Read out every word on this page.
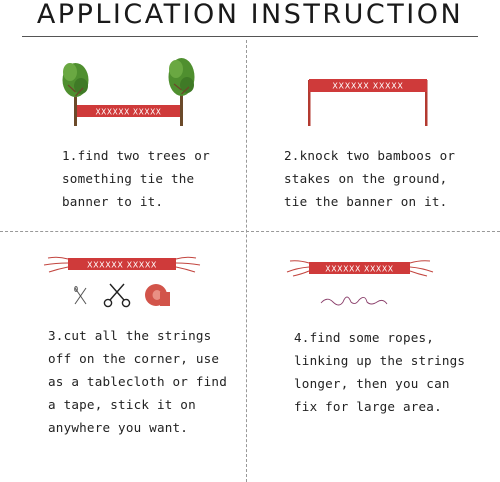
APPLICATION INSTRUCTION
XXXXXX XXXXX
1.find two trees or
something tie the
banner to it.
XXXXXX XXXXX
2.knock two bamboos or
stakes on the ground,
tie the banner on it.
XXXXXX XXXXX
3.cut all the strings
off on the corner, use
as a tablecloth or find
a tape, stick it on
anywhere you want.
XXXXXX XXXXX
4.find some ropes,
linking up the strings
longer, then you can
fix for large area.
